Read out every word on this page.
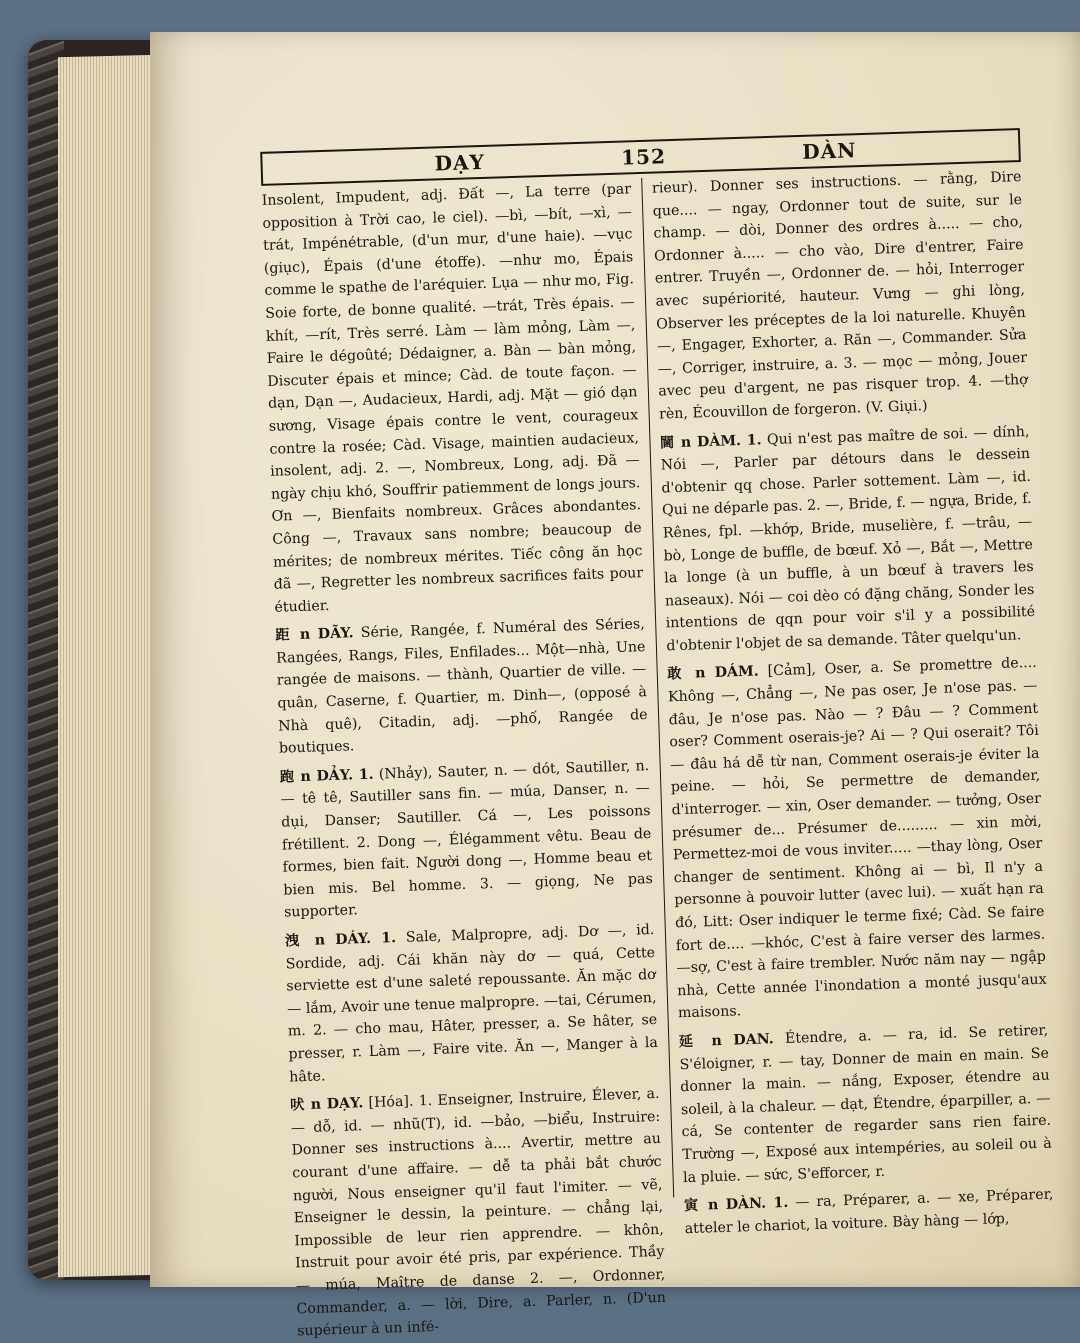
DẠY	152	DÀN

Insolent, Impudent, adj. Đất —, La terre (par opposition à Trời cao, le ciel). —bì, —bít, —xì, — trát, Impénétrable, (d'un mur, d'une haie). —vục (giục), Épais (d'une étoffe). —như mo, Épais comme le spathe de l'aréquier. Lụa — như mo, Fig. Soie forte, de bonne qualité. —trát, Très épais. —khít, —rít, Très serré. Làm — làm mỏng, Làm —, Faire le dégoûté; Dédaigner, a. Bàn — bàn mỏng, Discuter épais et mince; Càd. de toute façon. — dạn, Dạn —, Audacieux, Hardi, adj. Mặt — gió dạn sương, Visage épais contre le vent, courageux contre la rosée; Càd. Visage, maintien audacieux, insolent, adj. 2. —, Nombreux, Long, adj. Đã — ngày chịu khó, Souffrir patiemment de longs jours. Ơn —, Bienfaits nombreux. Grâces abondantes. Công —, Travaux sans nombre; beaucoup de mérites; de nombreux mérites. Tiếc công ăn học đã —, Regretter les nombreux sacrifices faits pour étudier.

距 n DÃY. Série, Rangée, f. Numéral des Séries, Rangées, Rangs, Files, Enfilades... Một—nhà, Une rangée de maisons. — thành, Quartier de ville. —quân, Caserne, f. Quartier, m. Dinh—, (opposé à Nhà quê), Citadin, adj. —phố, Rangée de boutiques.

跑 n DẢY. 1. (Nhảy), Sauter, n. — dót, Sautiller, n. — tê tê, Sautiller sans fin. — múa, Danser, n. — dụi, Danser; Sautiller. Cá —, Les poissons frétillent. 2. Dong —, Élégamment vêtu. Beau de formes, bien fait. Người dong —, Homme beau et bien mis. Bel homme. 3. — giọng, Ne pas supporter.

洩 n DÁY. 1. Sale, Malpropre, adj. Dơ —, id. Sordide, adj. Cái khăn này dơ — quá, Cette serviette est d'une saleté repoussante. Ăn mặc dơ — lắm, Avoir une tenue malpropre. —tai, Cérumen, m. 2. — cho mau, Hâter, presser, a. Se hâter, se presser, r. Làm —, Faire vite. Ăn —, Manger à la hâte.

吠 n DẠY. [Hóa]. 1. Enseigner, Instruire, Élever, a. — dỗ, id. — nhũ(T), id. —bảo, —biểu, Instruire: Donner ses instructions à.... Avertir, mettre au courant d'une affaire. — dễ ta phải bắt chước người, Nous enseigner qu'il faut l'imiter. — vẽ, Enseigner le dessin, la peinture. — chẳng lại, Impossible de leur rien apprendre. — khôn, Instruit pour avoir été pris, par expérience. Thầy — múa, Maître de danse 2. —, Ordonner, Commander, a. — lời, Dire, a. Parler, n. (D'un supérieur à un infé-

rieur). Donner ses instructions. — rằng, Dire que.... — ngay, Ordonner tout de suite, sur le champ. — dòi, Donner des ordres à..... — cho, Ordonner à..... — cho vào, Dire d'entrer, Faire entrer. Truyền —, Ordonner de. — hỏi, Interroger avec supériorité, hauteur. Vưng — ghi lòng, Observer les préceptes de la loi naturelle. Khuyên —, Engager, Exhorter, a. Răn —, Commander. Sửa —, Corriger, instruire, a. 3. — mọc — mỏng, Jouer avec peu d'argent, ne pas risquer trop. 4. —thợ rèn, Écouvillon de forgeron. (V. Giụi.)

閫 n DÀM. 1. Qui n'est pas maître de soi. — dính, Nói —, Parler par détours dans le dessein d'obtenir qq chose. Parler sottement. Làm —, id. Qui ne déparle pas. 2. —, Bride, f. — ngựa, Bride, f. Rênes, fpl. —khớp, Bride, muselière, f. —trâu, —bò, Longe de buffle, de bœuf. Xỏ —, Bắt —, Mettre la longe (à un buffle, à un bœuf à travers les naseaux). Nói — coi dèo có đặng chăng, Sonder les intentions de qqn pour voir s'il y a possibilité d'obtenir l'objet de sa demande. Tâter quelqu'un.

敢 n DÁM. [Cảm], Oser, a. Se promettre de.... Không —, Chẳng —, Ne pas oser, Je n'ose pas. — đâu, Je n'ose pas. Nào — ? Đâu — ? Comment oser? Comment oserais-je? Ai — ? Qui oserait? Tôi — đâu há dễ từ nan, Comment oserais-je éviter la peine. — hỏi, Se permettre de demander, d'interroger. — xin, Oser demander. — tưởng, Oser présumer de... Présumer de......... — xin mời, Permettez-moi de vous inviter..... —thay lòng, Oser changer de sentiment. Không ai — bì, Il n'y a personne à pouvoir lutter (avec lui). — xuất hạn ra đó, Litt: Oser indiquer le terme fixé; Càd. Se faire fort de.... —khóc, C'est à faire verser des larmes. —sợ, C'est à faire trembler. Nước năm nay — ngập nhà, Cette année l'inondation a monté jusqu'aux maisons.

延 n DAN. Étendre, a. — ra, id. Se retirer, S'éloigner, r. — tay, Donner de main en main. Se donner la main. — nắng, Exposer, étendre au soleil, à la chaleur. — dạt, Étendre, éparpiller, a. — cá, Se contenter de regarder sans rien faire. Trường —, Exposé aux intempéries, au soleil ou à la pluie. — sức, S'efforcer, r.

寅 n DÀN. 1. — ra, Préparer, a. — xe, Préparer, atteler le chariot, la voiture. Bày hàng — lớp,
